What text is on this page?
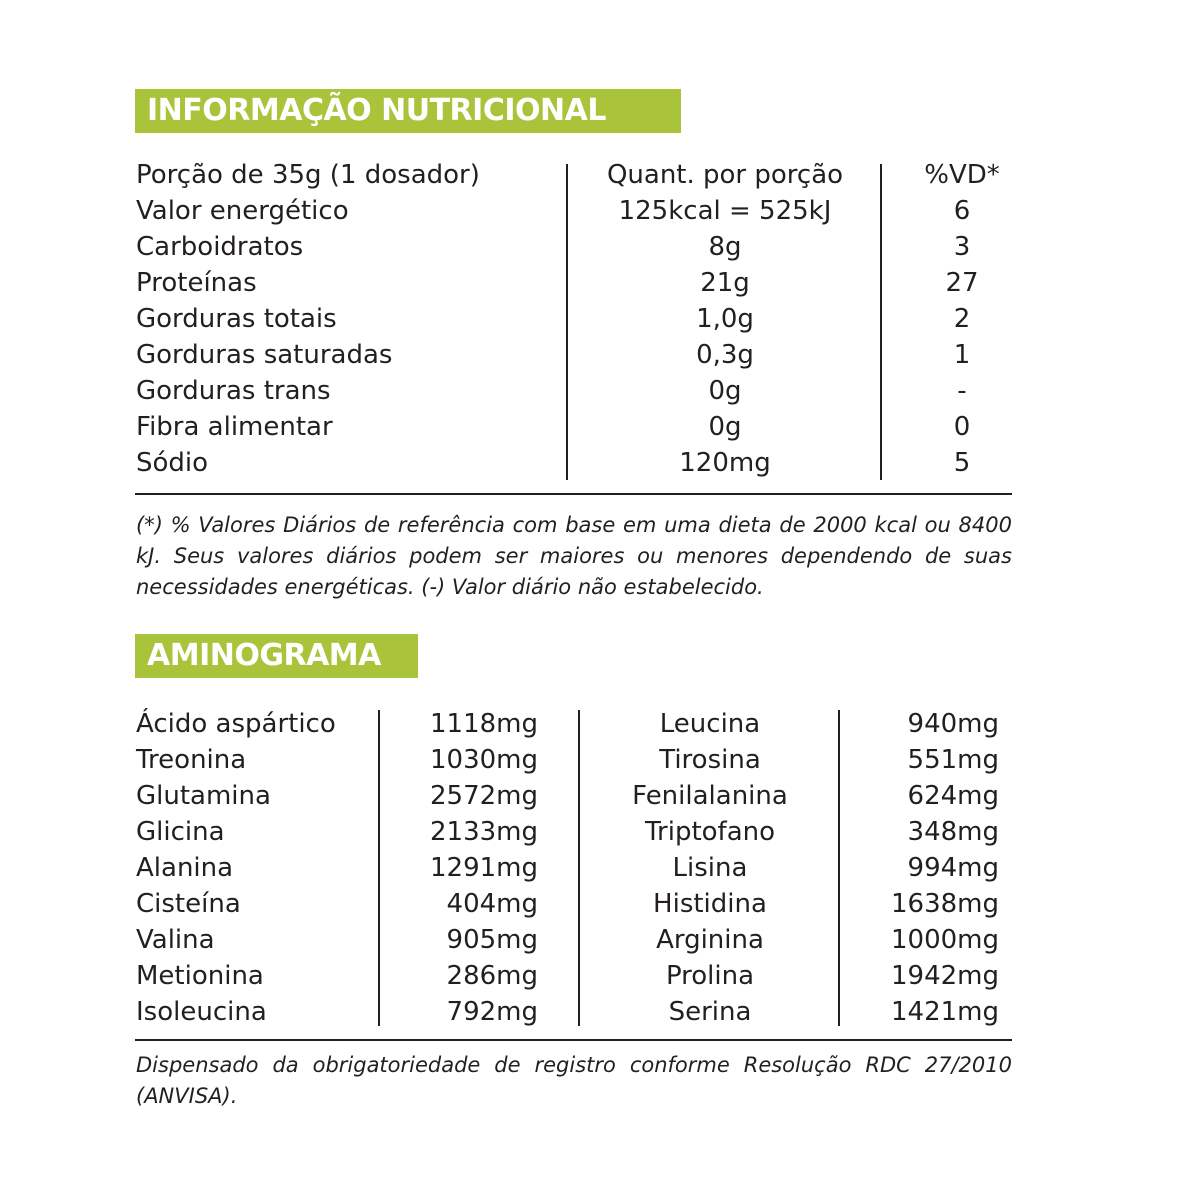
INFORMAÇÃO NUTRICIONAL
Porção de 35g (1 dosador)	Quant. por porção	%VD*
Valor energético	125kcal = 525kJ	6
Carboidratos	8g	3
Proteínas	21g	27
Gorduras totais	1,0g	2
Gorduras saturadas	0,3g	1
Gorduras trans	0g	-
Fibra alimentar	0g	0
Sódio	120mg	5
(*) % Valores Diários de referência com base em uma dieta de 2000 kcal ou 8400 kJ. Seus valores diários podem ser maiores ou menores dependendo de suas necessidades energéticas. (-) Valor diário não estabelecido.
AMINOGRAMA
Ácido aspártico	1118mg	Leucina	940mg
Treonina	1030mg	Tirosina	551mg
Glutamina	2572mg	Fenilalanina	624mg
Glicina	2133mg	Triptofano	348mg
Alanina	1291mg	Lisina	994mg
Cisteína	404mg	Histidina	1638mg
Valina	905mg	Arginina	1000mg
Metionina	286mg	Prolina	1942mg
Isoleucina	792mg	Serina	1421mg
Dispensado da obrigatoriedade de registro conforme Resolução RDC 27/2010 (ANVISA).
